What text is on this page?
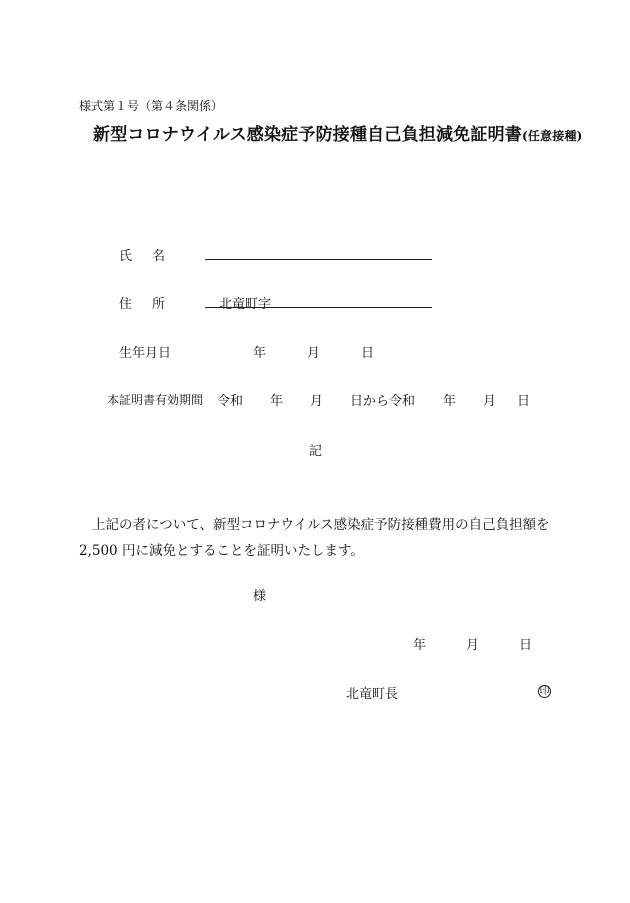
様式第１号（第４条関係）
新型コロナウイルス感染症予防接種自己負担減免証明書(任意接種)
氏 名
住 所	北竜町字
生年月日	年	月	日
本証明書有効期間 令和 年 月 日から令和 年 月 日
記

上記の者について、新型コロナウイルス感染症予防接種費用の自己負担額を

2,500 円に減免とすることを証明いたします。

様
年	月	日
北竜町長	印
